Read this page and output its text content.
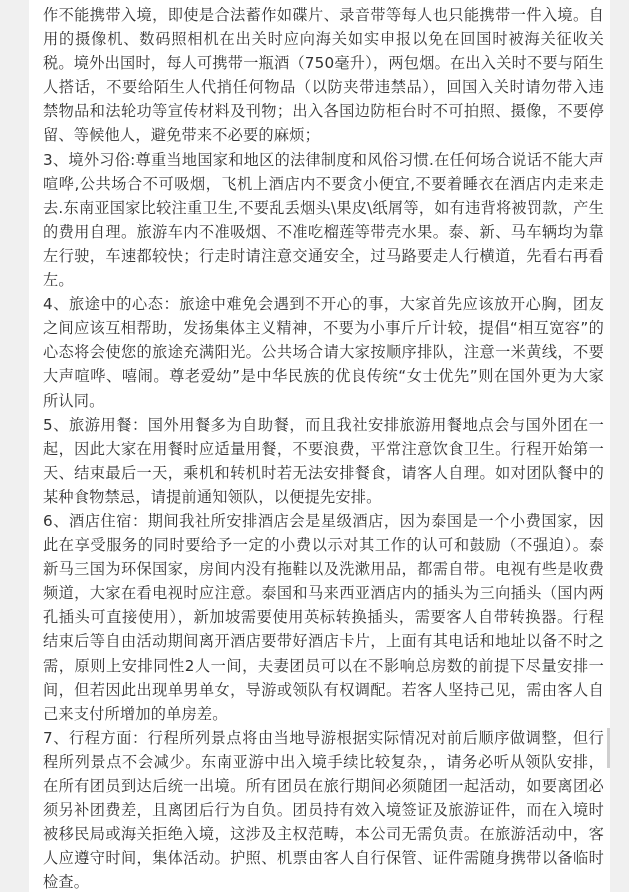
作不能携带入境，即使是合法蓄作如碟片、录音带等每人也只能携带一件入境。自用的摄像机、数码照相机在出关时应向海关如实申报以免在回国时被海关征收关税。境外出国时，每人可携带一瓶酒（750毫升），两包烟。在出入关时不要与陌生人搭话，不要给陌生人代捎任何物品（以防夹带违禁品），回国入关时请勿带入违禁物品和法轮功等宣传材料及刊物；出入各国边防柜台时不可拍照、摄像，不要停留、等候他人，避免带来不必要的麻烦；

3、境外习俗:尊重当地国家和地区的法律制度和风俗习惯.在任何场合说话不能大声喧哗,公共场合不可吸烟，飞机上酒店内不要贪小便宜,不要着睡衣在酒店内走来走去.东南亚国家比较注重卫生,不要乱丢烟头\果皮\纸屑等，如有违背将被罚款，产生的费用自理。旅游车内不准吸烟、不准吃榴莲等带壳水果。泰、新、马车辆均为靠左行驶，车速都较快；行走时请注意交通安全，过马路要走人行横道，先看右再看左。

4、旅途中的心态：旅途中难免会遇到不开心的事，大家首先应该放开心胸，团友之间应该互相帮助，发扬集体主义精神，不要为小事斤斤计较，提倡“相互宽容”的心态将会使您的旅途充满阳光。公共场合请大家按顺序排队，注意一米黄线，不要大声喧哗、嘻闹。尊老爱幼”是中华民族的优良传统“女士优先”则在国外更为大家所认同。

5、旅游用餐：国外用餐多为自助餐，而且我社安排旅游用餐地点会与国外团在一起，因此大家在用餐时应适量用餐，不要浪费，平常注意饮食卫生。行程开始第一天、结束最后一天，乘机和转机时若无法安排餐食，请客人自理。如对团队餐中的某种食物禁忌，请提前通知领队，以便提先安排。

6、酒店住宿：期间我社所安排酒店会是星级酒店，因为泰国是一个小费国家，因此在享受服务的同时要给予一定的小费以示对其工作的认可和鼓励（不强迫）。泰新马三国为环保国家，房间内没有拖鞋以及洗漱用品，都需自带。电视有些是收费频道，大家在看电视时应注意。泰国和马来西亚酒店内的插头为三向插头（国内两孔插头可直接使用），新加坡需要使用英标转换插头，需要客人自带转换器。行程结束后等自由活动期间离开酒店要带好酒店卡片，上面有其电话和地址以备不时之需，原则上安排同性2人一间，夫妻团员可以在不影响总房数的前提下尽量安排一间，但若因此出现单男单女，导游或领队有权调配。若客人坚持己见，需由客人自己来支付所增加的单房差。

7、行程方面：行程所列景点将由当地导游根据实际情况对前后顺序做调整，但行程所列景点不会减少。东南亚游中出入境手续比较复杂，，请务必听从领队安排，在所有团员到达后统一出境。所有团员在旅行期间必须随团一起活动，如要离团必须另补团费差，且离团后行为自负。团员持有效入境签证及旅游证件，而在入境时被移民局或海关拒绝入境，这涉及主权范畴，本公司无需负责。在旅游活动中，客人应遵守时间，集体活动。护照、机票由客人自行保管、证件需随身携带以备临时检查。
